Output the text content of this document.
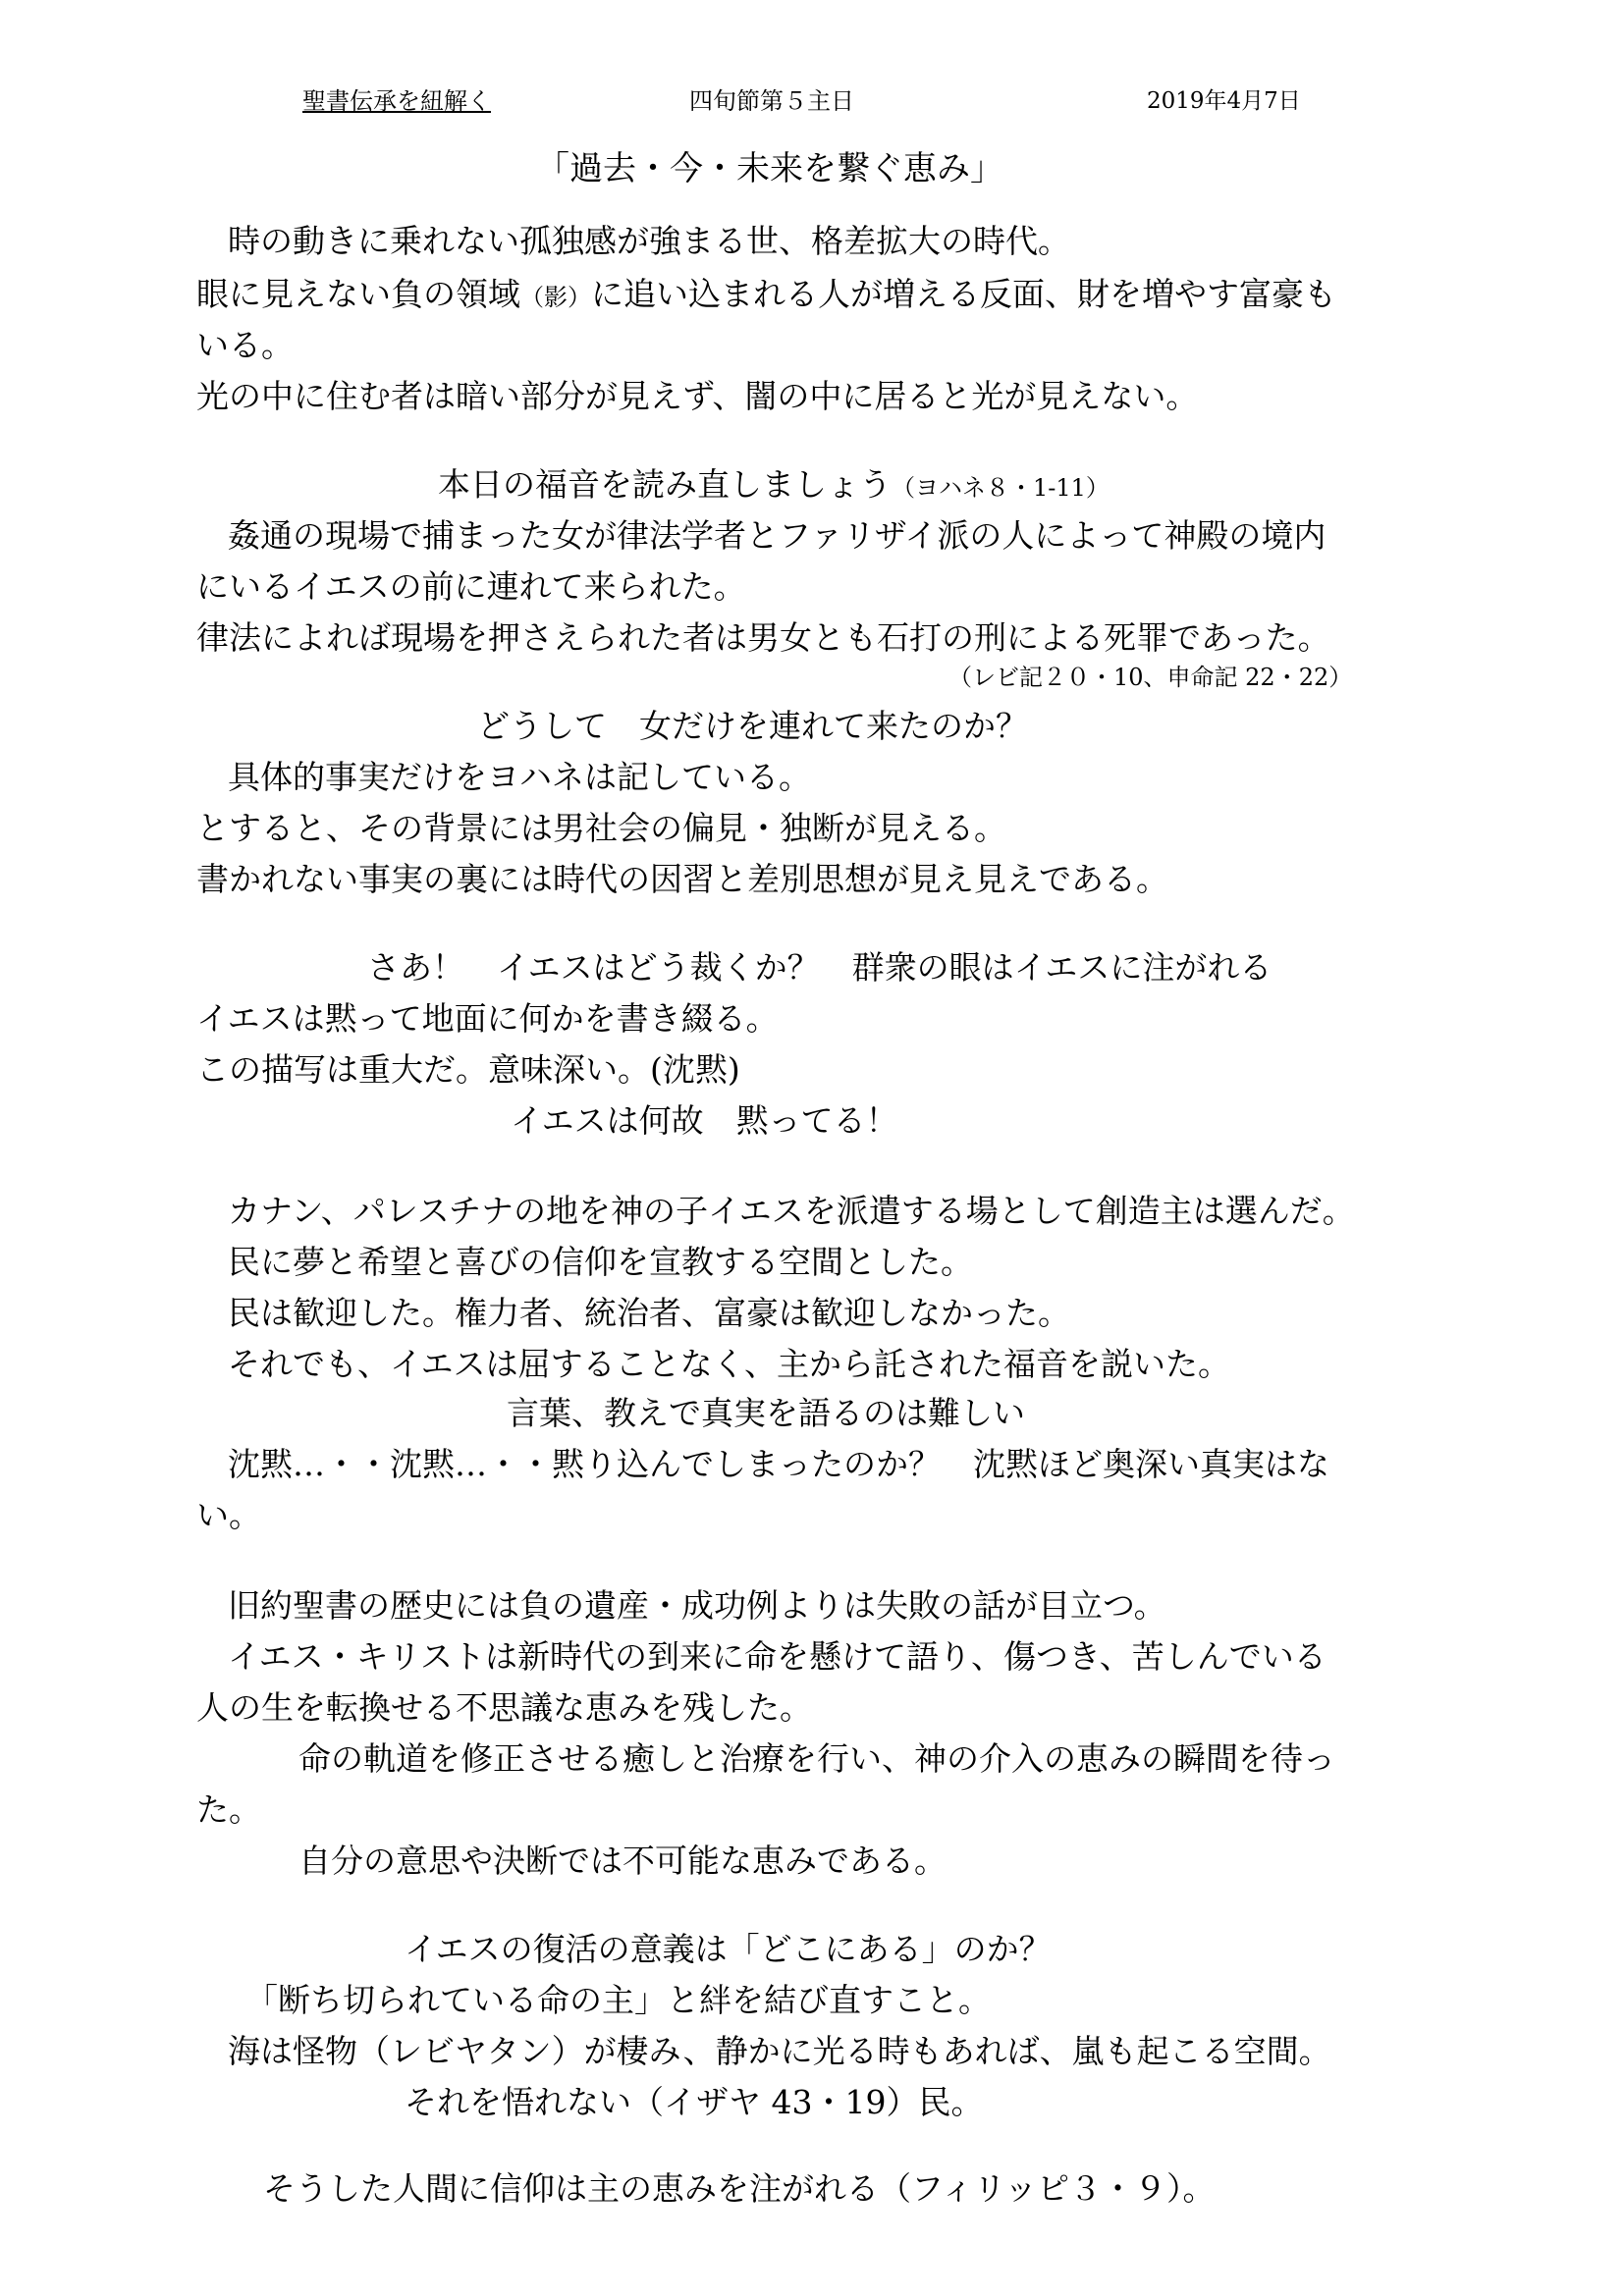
聖書伝承を紐解く	四旬節第５主日	2019年4月7日
「過去・今・未来を繋ぐ恵み」
時の動きに乗れない孤独感が強まる世、格差拡大の時代。
眼に見えない負の領域（影）に追い込まれる人が増える反面、財を増やす富豪も
いる。
光の中に住む者は暗い部分が見えず、闇の中に居ると光が見えない。
本日の福音を読み直しましょう（ヨハネ８・1-11）
姦通の現場で捕まった女が律法学者とファリザイ派の人によって神殿の境内
にいるイエスの前に連れて来られた。
律法によれば現場を押さえられた者は男女とも石打の刑による死罪であった。
（レビ記２０・10、申命記 22・22）
どうして　女だけを連れて来たのか？
具体的事実だけをヨハネは記している。
とすると、その背景には男社会の偏見・独断が見える。
書かれない事実の裏には時代の因習と差別思想が見え見えである。
さあ！　イエスはどう裁くか？　群衆の眼はイエスに注がれる
イエスは黙って地面に何かを書き綴る。
この描写は重大だ。意味深い。(沈黙)
イエスは何故　黙ってる！
カナン、パレスチナの地を神の子イエスを派遣する場として創造主は選んだ。
民に夢と希望と喜びの信仰を宣教する空間とした。
民は歓迎した。権力者、統治者、富豪は歓迎しなかった。
それでも、イエスは屈することなく、主から託された福音を説いた。
言葉、教えで真実を語るのは難しい
沈黙…・・沈黙…・・黙り込んでしまったのか？　沈黙ほど奥深い真実はな
い。
旧約聖書の歴史には負の遺産・成功例よりは失敗の話が目立つ。
イエス・キリストは新時代の到来に命を懸けて語り、傷つき、苦しんでいる
人の生を転換せる不思議な恵みを残した。
命の軌道を修正させる癒しと治療を行い、神の介入の恵みの瞬間を待っ
た。
自分の意思や決断では不可能な恵みである。
イエスの復活の意義は「どこにある」のか？
「断ち切られている命の主」と絆を結び直すこと。
海は怪物（レビヤタン）が棲み、静かに光る時もあれば、嵐も起こる空間。
それを悟れない（イザヤ 43・19）民。
そうした人間に信仰は主の恵みを注がれる（フィリッピ３・９）。
